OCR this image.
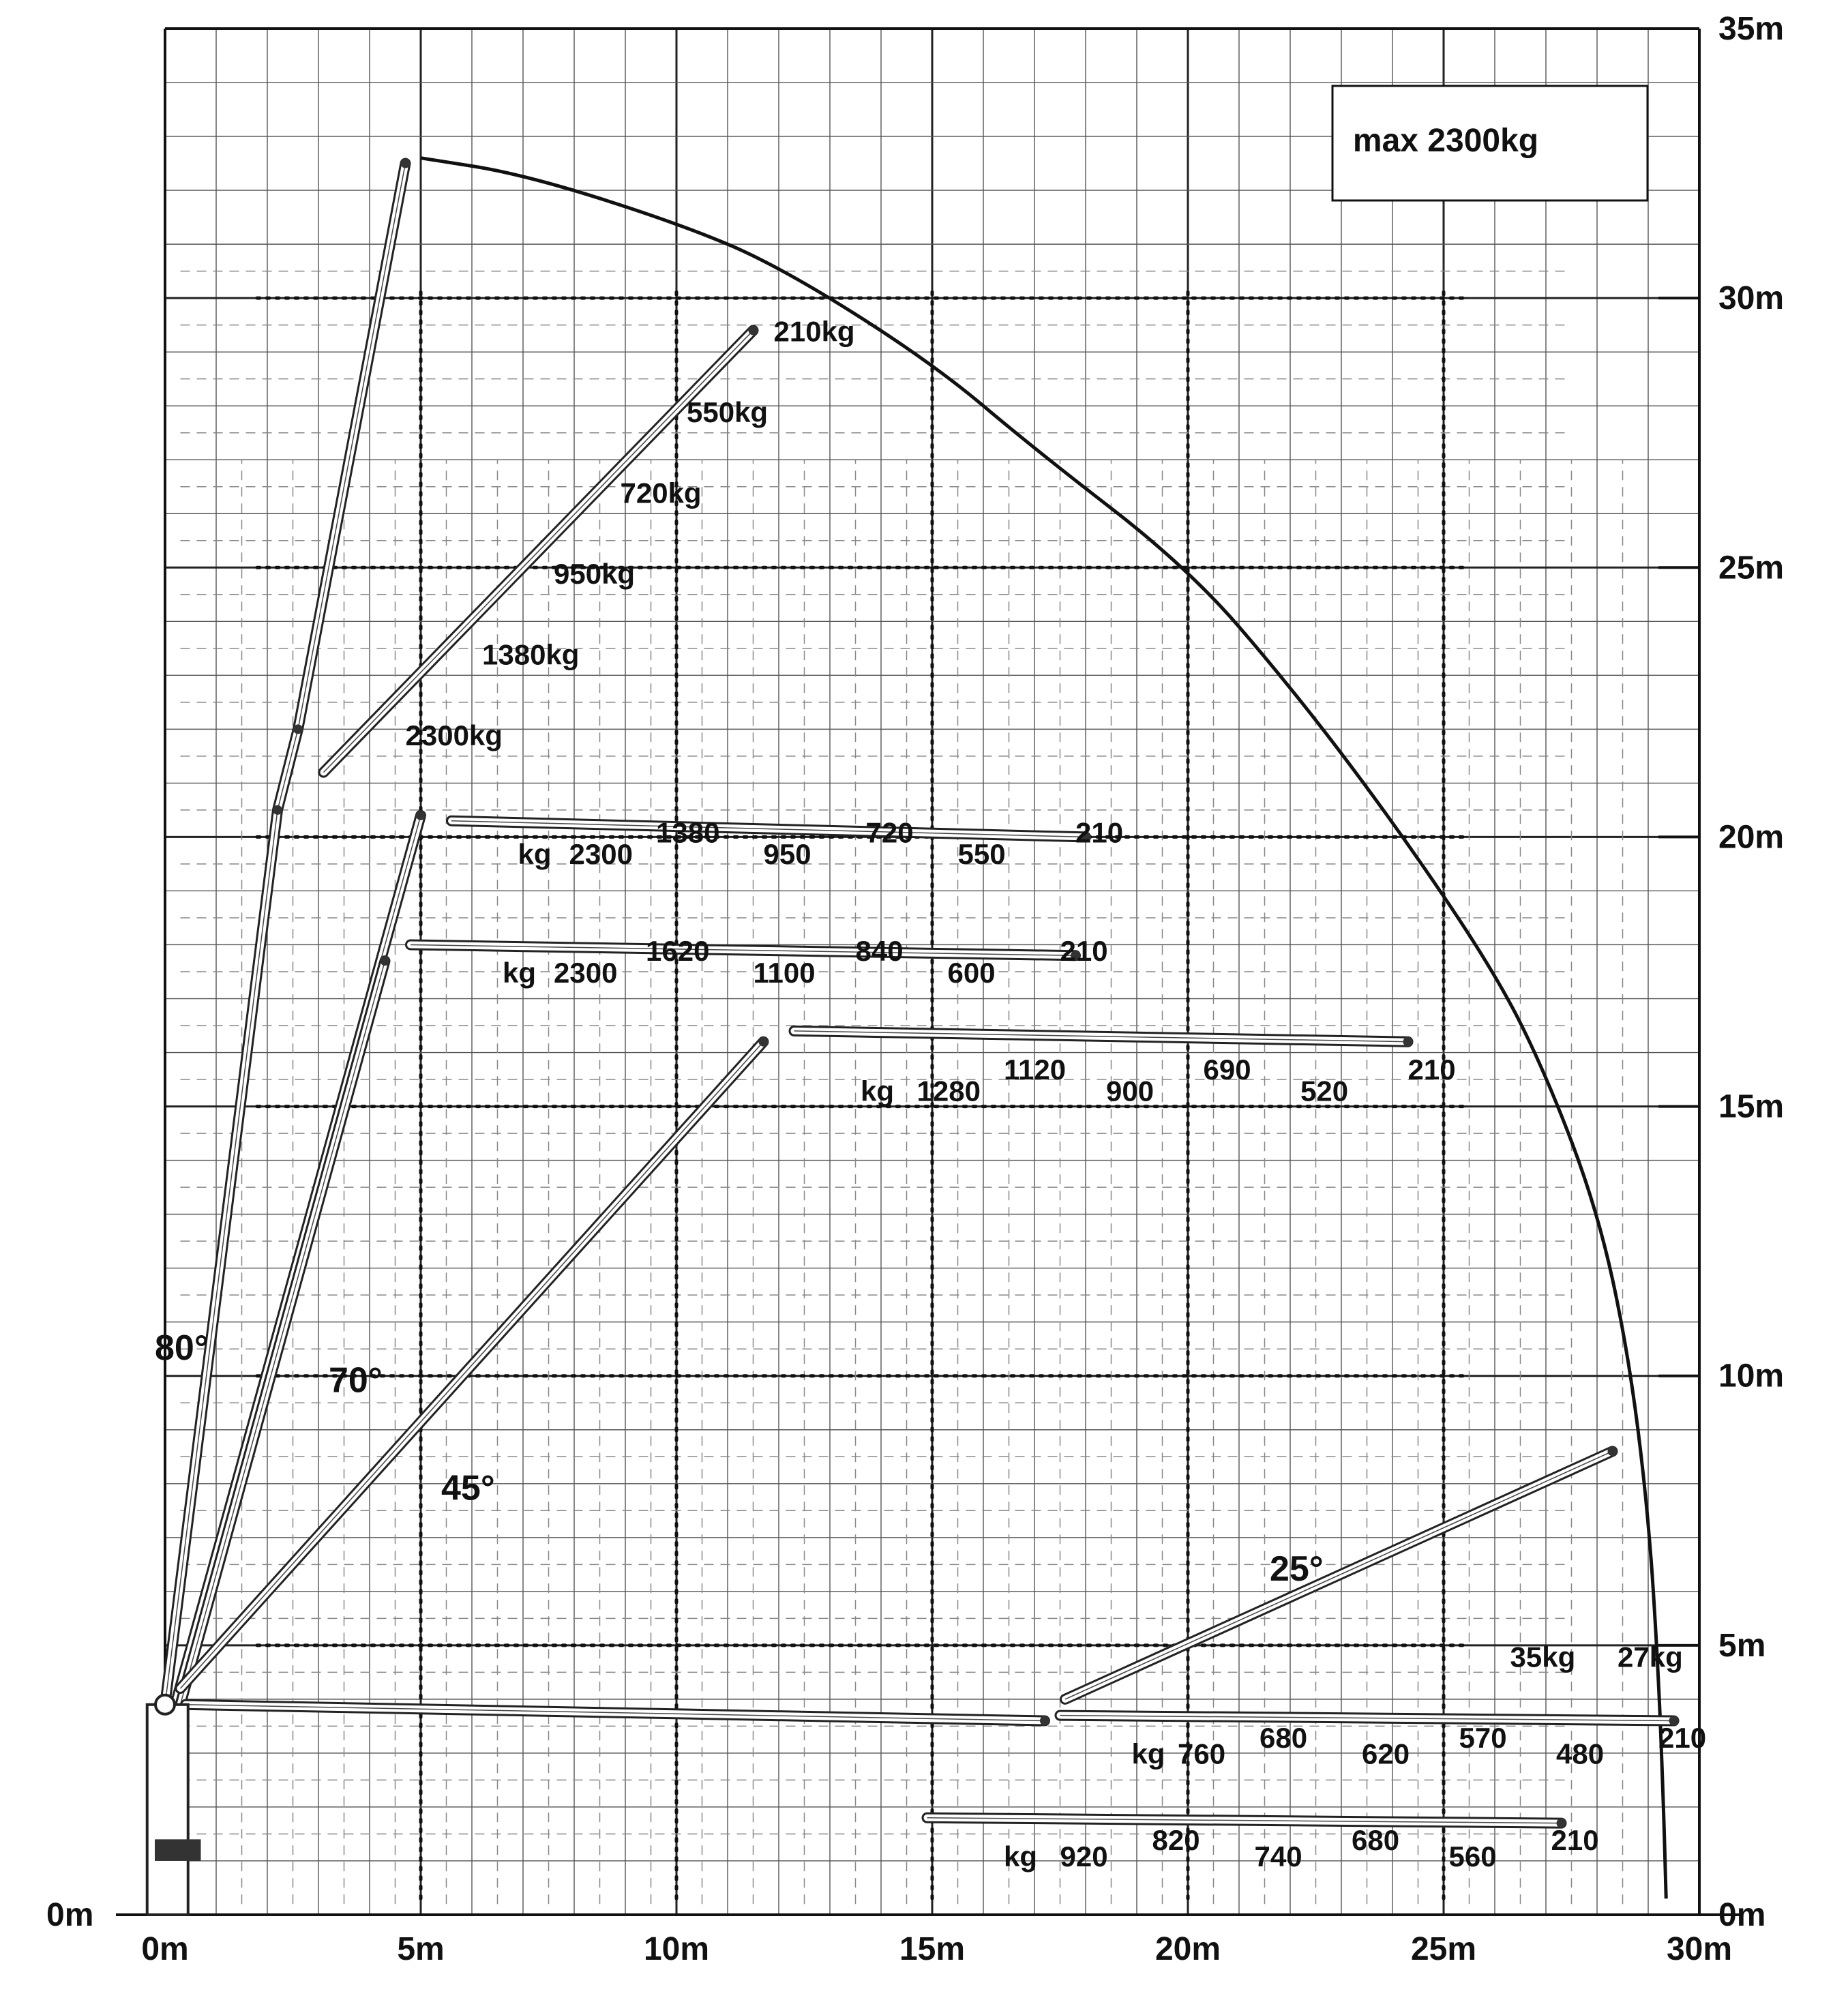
0m	5m	10m	15m	20m	25m	30m
0m
5m
10m
15m
20m
25m
30m
35m
0m
210kg
550kg
720kg
950kg
1380kg
2300kg
kg 2300
1380
950
720
550
210
kg 2300
1620
1100
840
600
210
kg 1280
1120
900
690
520
210
35kg 27kg
kg 760
680
620
570
480
210
kg 920
820
740
680
560
210
80°
70°
45°
25°
max 2300kg
